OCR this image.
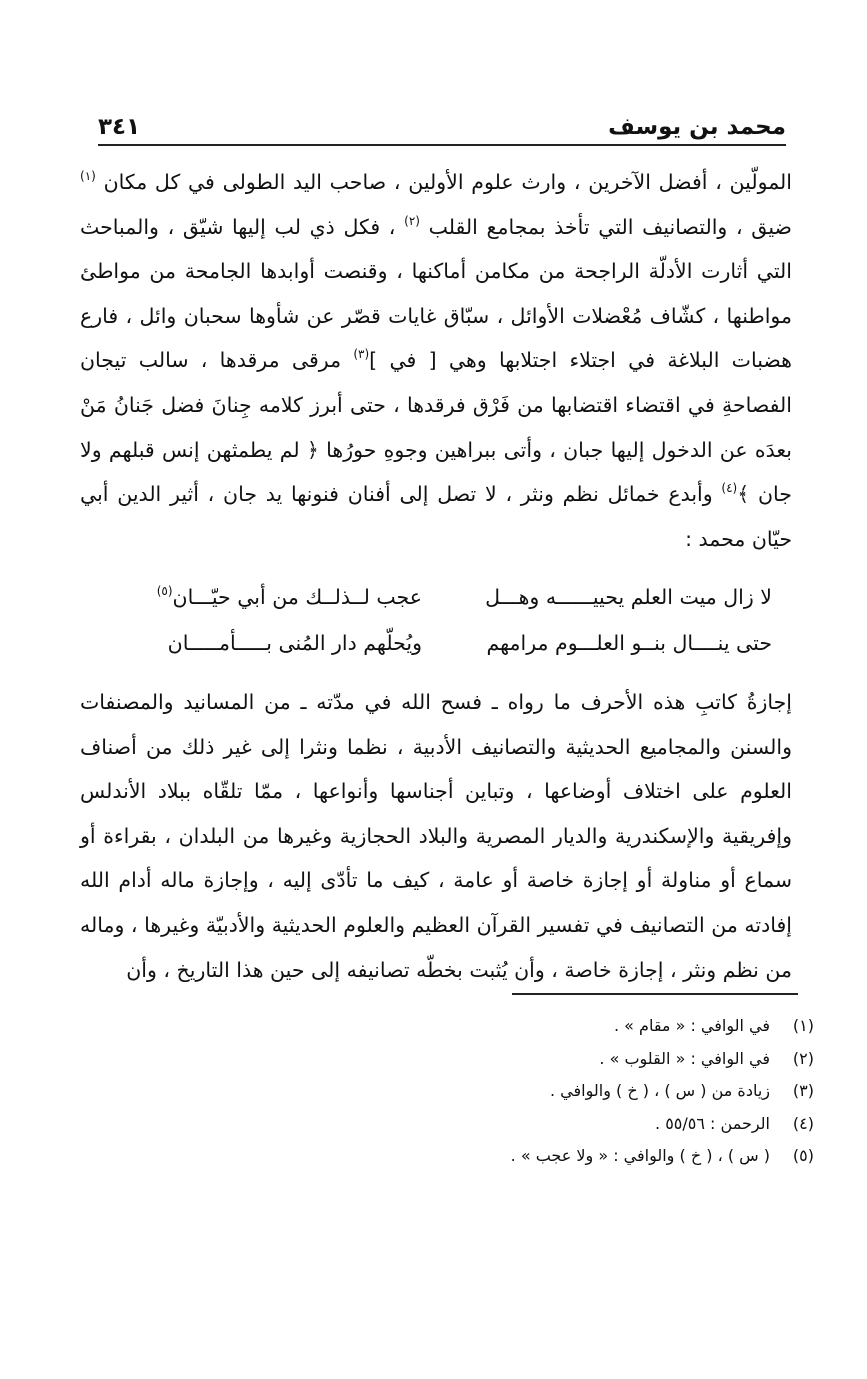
محمد بن يوسف
٣٤١

المولّين ، أفضل الآخرين ، وارث علوم الأولين ، صاحب اليد الطولى في كل مكان $^{(١)}$ ضيق ، والتصانيف التي تأخذ بمجامع القلب $^{(٢)}$ ، فكل ذي لب إليها شيّق ، والمباحث التي أثارت الأدلّة الراجحة من مكامن أماكنها ، وقنصت أوابدها الجامحة من مواطئ مواطنها ، كشّاف مُعْضلات الأوائل ، سبّاق غايات قصّر عن شأوها سحبان وائل ، فارع هضبات البلاغة في اجتلاء اجتلابها وهي [ في ]$^{(٣)}$ مرقى مرقدها ، سالب تيجان الفصاحةِ في اقتضاء اقتضابها من فَرْق فرقدها ، حتى أبرز كلامه جِنانَ فضل جَنانُ مَنْ بعدَه عن الدخول إليها جبان ، وأتى ببراهين وجوهِ حورُها ﴿ لم يطمثهن إنس قبلهم ولا جان ﴾$^{(٤)}$ وأبدع خمائل نظم ونثر ، لا تصل إلى أفنان فنونها يد جان ، أثير الدين أبي حيّان محمد :

لا زال ميت العلم يحييــــــه وهـــل
عجب لــذلــك من أبي حيّـــان$^{(٥)}$
حتى ينــــال بنــو العلـــوم مرامهم
ويُحلّهم دار المُنى بـــــأمـــــان

إجازةُ كاتبِ هذه الأحرف ما رواه ـ فسح الله في مدّته ـ من المسانيد والمصنفات والسنن والمجاميع الحديثية والتصانيف الأدبية ، نظما ونثرا إلى غير ذلك من أصناف العلوم على اختلاف أوضاعها ، وتباين أجناسها وأنواعها ، ممّا تلقّاه ببلاد الأندلس وإفريقية والإسكندرية والديار المصرية والبلاد الحجازية وغيرها من البلدان ، بقراءة أو سماع أو مناولة أو إجازة خاصة أو عامة ، كيف ما تأدّى إليه ، وإجازة ماله أدام الله إفادته من التصانيف في تفسير القرآن العظيم والعلوم الحديثية والأدبيّة وغيرها ، وماله من نظم ونثر ، إجازة خاصة ، وأن يُثبت بخطّه تصانيفه إلى حين هذا التاريخ ، وأن

(١)
في الوافي : « مقام » .
(٢)
في الوافي : « القلوب » .
(٣)
زيادة من ( س ) ، ( خ ) والوافي .
(٤)
الرحمن : ٥٥/٥٦ .
(٥)
( س ) ، ( خ ) والوافي : « ولا عجب » .
